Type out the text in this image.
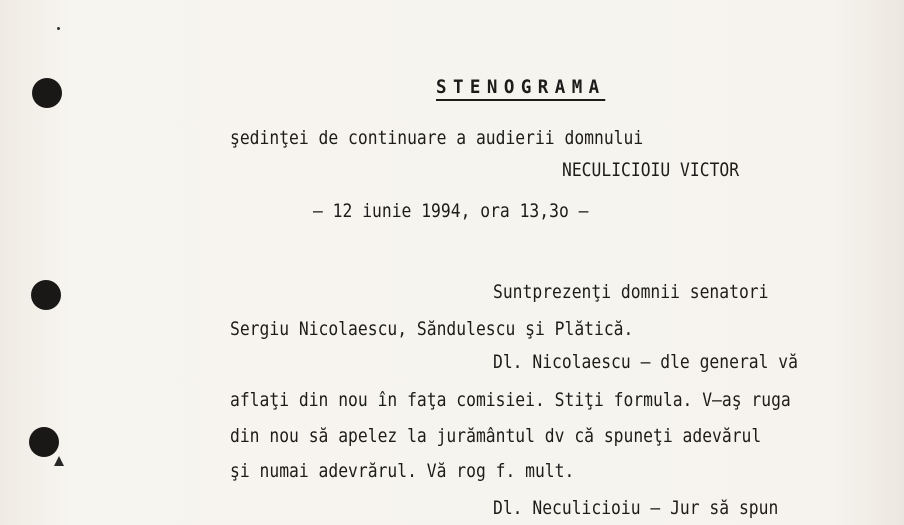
STENOGRAMA
şedinţei de continuare a audierii domnului
NECULICIOIU VICTOR
– 12 iunie 1994, ora 13,3o –
Suntprezenţi domnii senatori
Sergiu Nicolaescu, Săndulescu şi Plătică.
Dl. Nicolaescu – dle general vă
aflaţi din nou în faţa comisiei. Stiţi formula. V–aş ruga
din nou să apelez la jurământul dv că spuneţi adevărul
şi numai adevrărul. Vă rog f. mult.
Dl. Neculicioiu – Jur să spun
